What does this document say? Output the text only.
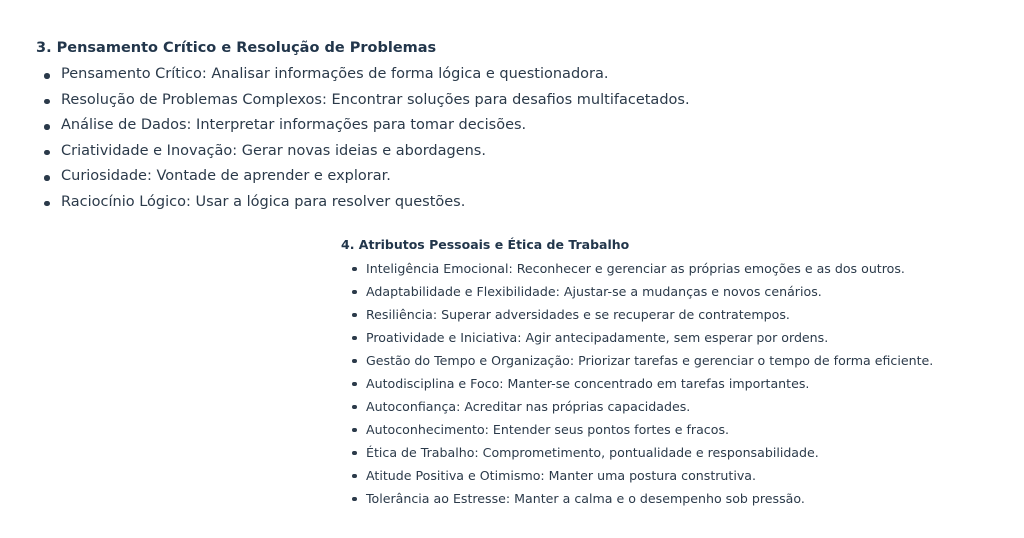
3. Pensamento Crítico e Resolução de Problemas
Pensamento Crítico: Analisar informações de forma lógica e questionadora.
Resolução de Problemas Complexos: Encontrar soluções para desafios multifacetados.
Análise de Dados: Interpretar informações para tomar decisões.
Criatividade e Inovação: Gerar novas ideias e abordagens.
Curiosidade: Vontade de aprender e explorar.
Raciocínio Lógico: Usar a lógica para resolver questões.
4. Atributos Pessoais e Ética de Trabalho
Inteligência Emocional: Reconhecer e gerenciar as próprias emoções e as dos outros.
Adaptabilidade e Flexibilidade: Ajustar-se a mudanças e novos cenários.
Resiliência: Superar adversidades e se recuperar de contratempos.
Proatividade e Iniciativa: Agir antecipadamente, sem esperar por ordens.
Gestão do Tempo e Organização: Priorizar tarefas e gerenciar o tempo de forma eficiente.
Autodisciplina e Foco: Manter-se concentrado em tarefas importantes.
Autoconfiança: Acreditar nas próprias capacidades.
Autoconhecimento: Entender seus pontos fortes e fracos.
Ética de Trabalho: Comprometimento, pontualidade e responsabilidade.
Atitude Positiva e Otimismo: Manter uma postura construtiva.
Tolerância ao Estresse: Manter a calma e o desempenho sob pressão.
